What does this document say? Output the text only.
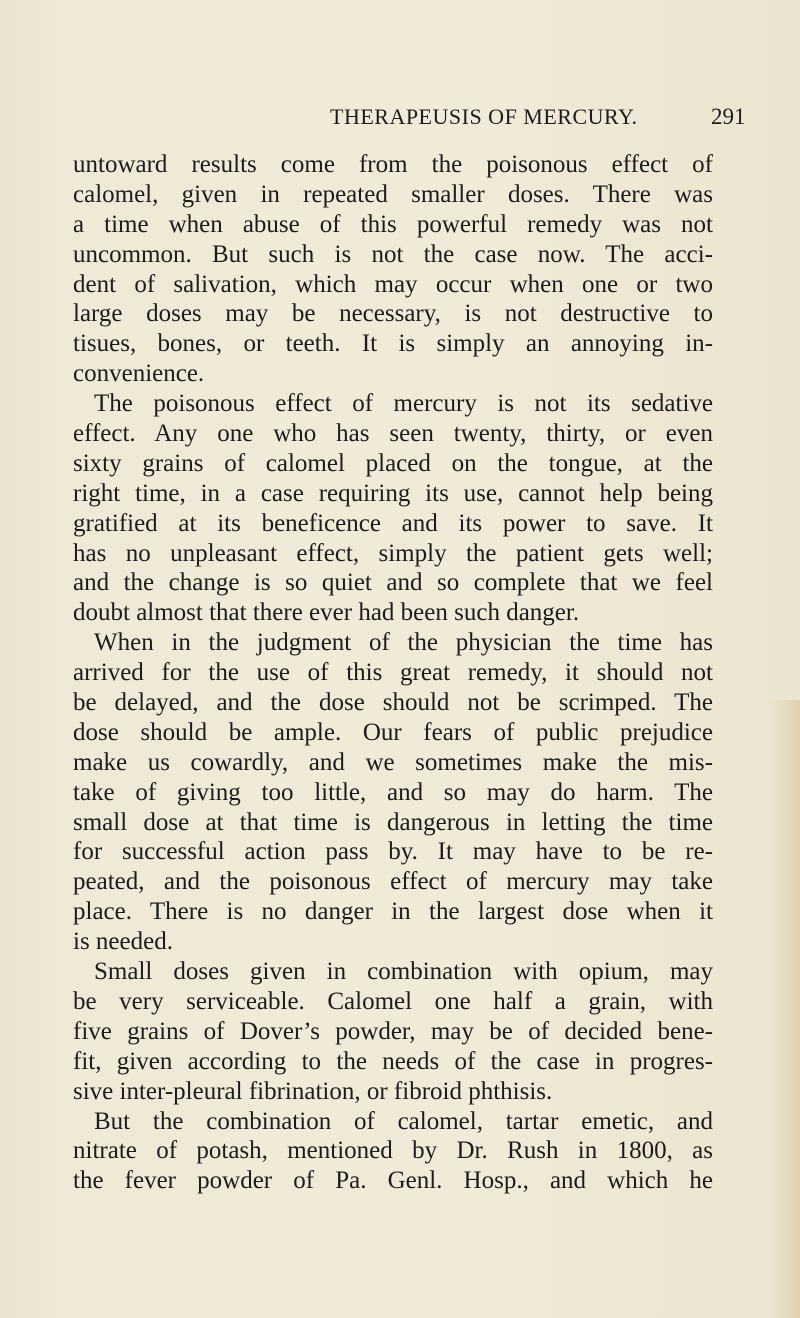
THERAPEUSIS OF MERCURY.	291
untoward results come from the poisonous effect of
calomel, given in repeated smaller doses. There was
a time when abuse of this powerful remedy was not
uncommon. But such is not the case now. The acci-
dent of salivation, which may occur when one or two
large doses may be necessary, is not destructive to
tisues, bones, or teeth. It is simply an annoying in-
convenience.
The poisonous effect of mercury is not its sedative
effect. Any one who has seen twenty, thirty, or even
sixty grains of calomel placed on the tongue, at the
right time, in a case requiring its use, cannot help being
gratified at its beneficence and its power to save. It
has no unpleasant effect, simply the patient gets well;
and the change is so quiet and so complete that we feel
doubt almost that there ever had been such danger.
When in the judgment of the physician the time has
arrived for the use of this great remedy, it should not
be delayed, and the dose should not be scrimped. The
dose should be ample. Our fears of public prejudice
make us cowardly, and we sometimes make the mis-
take of giving too little, and so may do harm. The
small dose at that time is dangerous in letting the time
for successful action pass by. It may have to be re-
peated, and the poisonous effect of mercury may take
place. There is no danger in the largest dose when it
is needed.
Small doses given in combination with opium, may
be very serviceable. Calomel one half a grain, with
five grains of Dover’s powder, may be of decided bene-
fit, given according to the needs of the case in progres-
sive inter-pleural fibrination, or fibroid phthisis.
But the combination of calomel, tartar emetic, and
nitrate of potash, mentioned by Dr. Rush in 1800, as
the fever powder of Pa. Genl. Hosp., and which he
